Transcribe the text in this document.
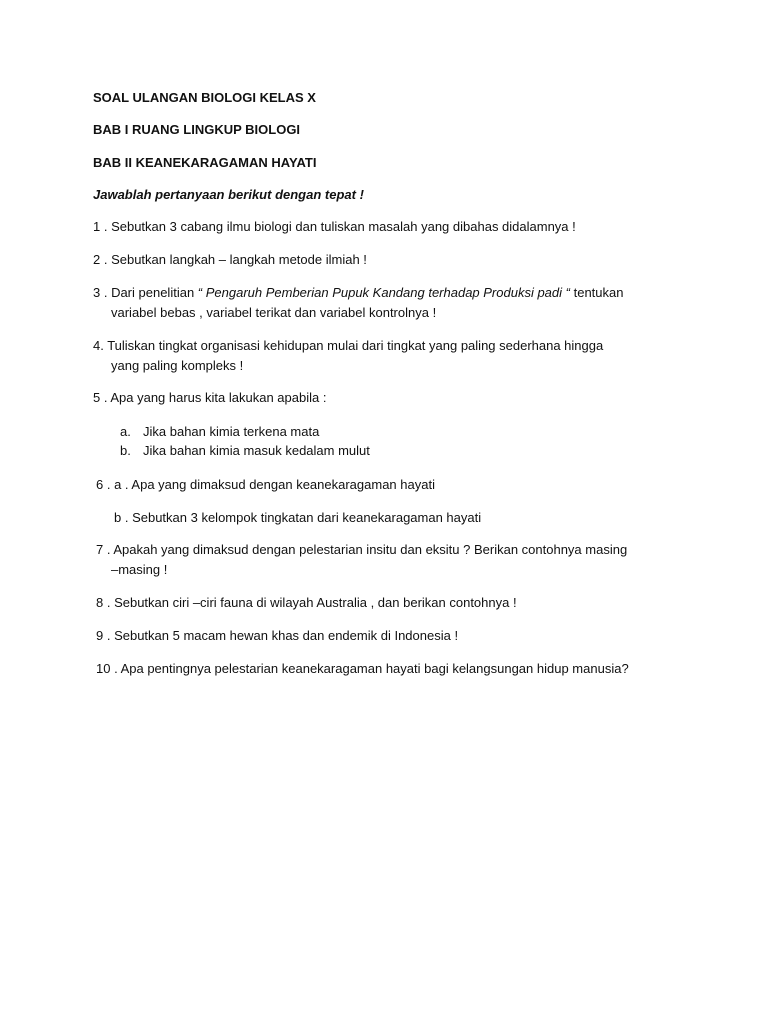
SOAL ULANGAN BIOLOGI KELAS X
BAB I RUANG LINGKUP BIOLOGI
BAB II KEANEKARAGAMAN HAYATI
Jawablah pertanyaan berikut dengan tepat !
1 . Sebutkan 3 cabang ilmu biologi dan tuliskan masalah yang dibahas didalamnya !
2 . Sebutkan langkah – langkah metode ilmiah !
3 . Dari penelitian “ Pengaruh Pemberian Pupuk Kandang terhadap Produksi padi “ tentukan
variabel bebas , variabel terikat dan variabel kontrolnya !
4. Tuliskan tingkat organisasi kehidupan mulai dari tingkat yang paling sederhana hingga
yang paling kompleks !
5 . Apa yang harus kita lakukan apabila :
a. Jika bahan kimia terkena mata
b. Jika bahan kimia masuk kedalam mulut
6 . a . Apa yang dimaksud dengan keanekaragaman hayati
b . Sebutkan 3 kelompok tingkatan dari keanekaragaman hayati
7 . Apakah yang dimaksud dengan pelestarian insitu dan eksitu ? Berikan contohnya masing
–masing !
8 . Sebutkan ciri –ciri fauna di wilayah Australia , dan berikan contohnya !
9 . Sebutkan 5 macam hewan khas dan endemik di Indonesia !
10 . Apa pentingnya pelestarian keanekaragaman hayati bagi kelangsungan hidup manusia?
